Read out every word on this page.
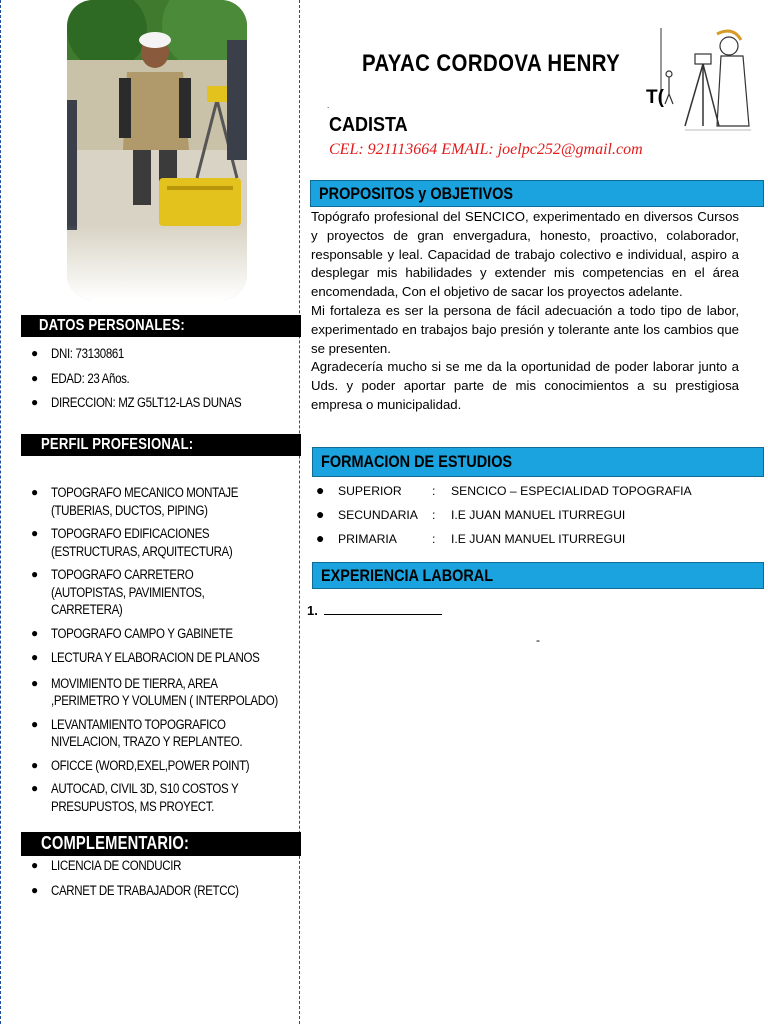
DATOS PERSONALES:
● DNI: 73130861
● EDAD: 23 Años.
● DIRECCION: MZ G5LT12-LAS DUNAS
PERFIL PROFESIONAL:
● TOPOGRAFO MECANICO MONTAJE (TUBERIAS, DUCTOS, PIPING)
● TOPOGRAFO EDIFICACIONES (ESTRUCTURAS, ARQUITECTURA)
● TOPOGRAFO CARRETERO (AUTOPISTAS, PAVIMIENTOS, CARRETERA)
● TOPOGRAFO CAMPO Y GABINETE
● LECTURA Y ELABORACION DE PLANOS
● MOVIMIENTO DE TIERRA, AREA ,PERIMETRO Y VOLUMEN ( INTERPOLADO)
● LEVANTAMIENTO TOPOGRAFICO NIVELACION, TRAZO Y REPLANTEO.
● OFICCE (WORD,EXEL,POWER POINT)
● AUTOCAD, CIVIL 3D, S10 COSTOS Y PRESUPUSTOS, MS PROYECT.
COMPLEMENTARIO:
● LICENCIA DE CONDUCIR
● CARNET DE TRABAJADOR (RETCC)
PAYAC CORDOVA HENRY
T(
.
CADISTA
CEL: 921113664 EMAIL: joelpc252@gmail.com
PROPOSITOS y OBJETIVOS

Topógrafo profesional del SENCICO, experimentado en diversos Cursos y proyectos de gran envergadura, honesto, proactivo, colaborador, responsable y leal. Capacidad de trabajo colectivo e individual, aspiro a desplegar mis habilidades y extender mis competencias en el área encomendada, Con el objetivo de sacar los proyectos adelante.

Mi fortaleza es ser la persona de fácil adecuación a todo tipo de labor, experimentado en trabajos bajo presión y tolerante ante los cambios que se presenten.

Agradecería mucho si se me da la oportunidad de poder laborar junto a Uds. y poder aportar parte de mis conocimientos a su prestigiosa empresa o municipalidad.

FORMACION DE ESTUDIOS
● SUPERIOR : SENCICO – ESPECIALIDAD TOPOGRAFIA
● SECUNDARIA : I.E JUAN MANUEL ITURREGUI
● PRIMARIA	: I.E JUAN MANUEL ITURREGUI
EXPERIENCIA LABORAL
1.
-
